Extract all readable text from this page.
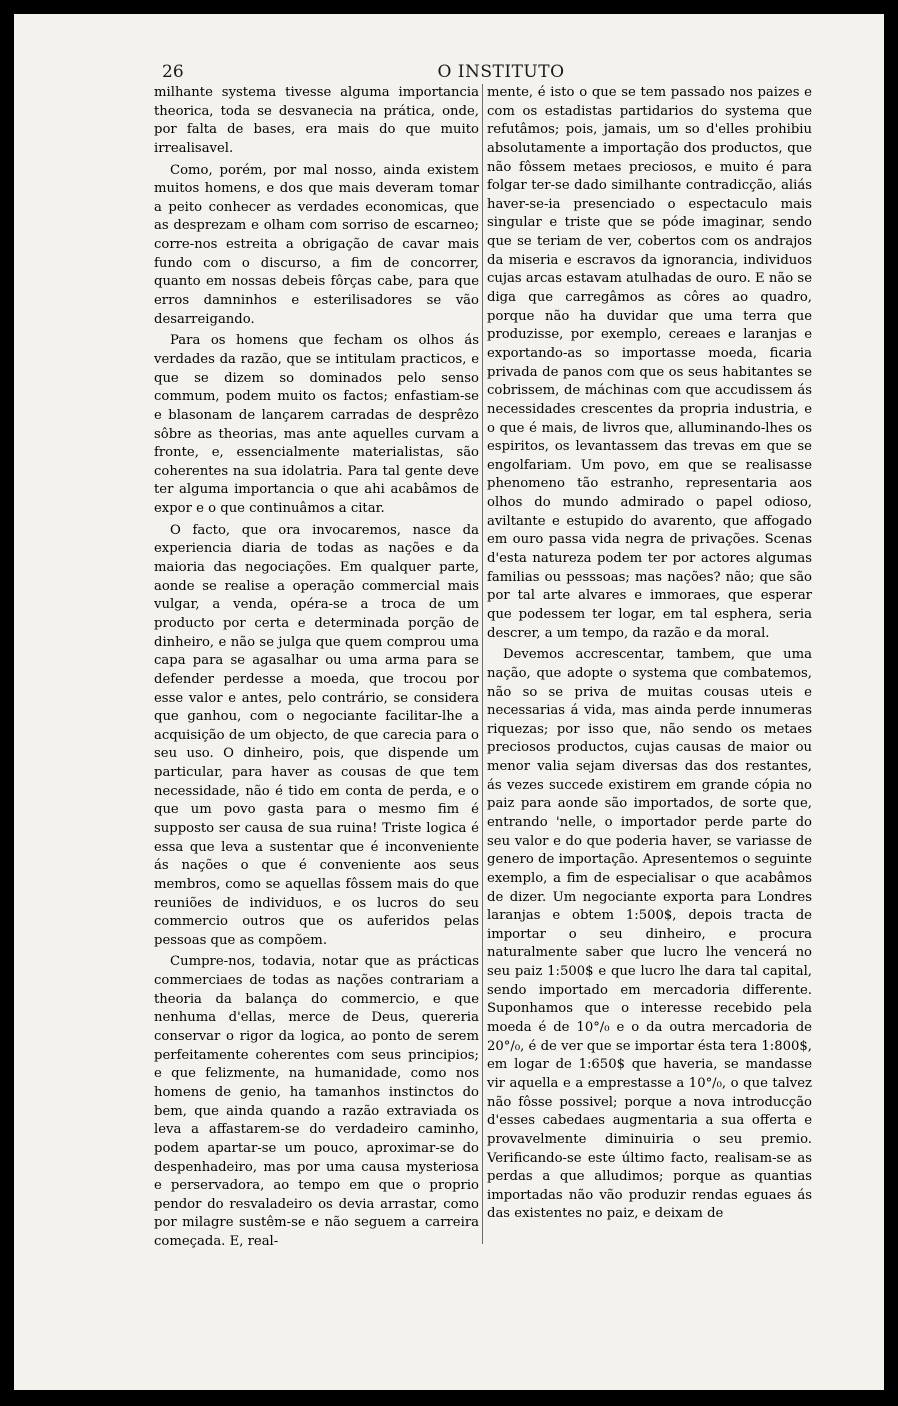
26	O INSTITUTO

milhante systema tivesse alguma importancia theorica, toda se desvanecia na prática, onde, por falta de bases, era mais do que muito irrealisavel.

Como, porém, por mal nosso, ainda existem muitos homens, e dos que mais deveram tomar a peito conhecer as verdades economicas, que as desprezam e olham com sorriso de escarneo; corre-nos estreita a obrigação de cavar mais fundo com o discurso, a fim de concorrer, quanto em nossas debeis fôrças cabe, para que erros damninhos e esterilisadores se vão desarreigando.

Para os homens que fecham os olhos ás verdades da razão, que se intitulam practicos, e que se dizem so dominados pelo senso commum, podem muito os factos; enfastiam-se e blasonam de lançarem carradas de desprêzo sôbre as theorias, mas ante aquelles curvam a fronte, e, essencialmente materialistas, são coherentes na sua idolatria. Para tal gente deve ter alguma importancia o que ahi acabâmos de expor e o que continuâmos a citar.

O facto, que ora invocaremos, nasce da experiencia diaria de todas as nações e da maioria das negociações. Em qualquer parte, aonde se realise a operação commercial mais vulgar, a venda, opéra-se a troca de um producto por certa e determinada porção de dinheiro, e não se julga que quem comprou uma capa para se agasalhar ou uma arma para se defender perdesse a moeda, que trocou por esse valor e antes, pelo contrário, se considera que ganhou, com o negociante facilitar-lhe a acquisição de um objecto, de que carecia para o seu uso. O dinheiro, pois, que dispende um particular, para haver as cousas de que tem necessidade, não é tido em conta de perda, e o que um povo gasta para o mesmo fim é supposto ser causa de sua ruina! Triste logica é essa que leva a sustentar que é inconveniente ás nações o que é conveniente aos seus membros, como se aquellas fôssem mais do que reuniões de individuos, e os lucros do seu commercio outros que os auferidos pelas pessoas que as compõem.

Cumpre-nos, todavia, notar que as prácticas commerciaes de todas as nações contrariam a theoria da balança do commercio, e que nenhuma d'ellas, merce de Deus, quereria conservar o rigor da logica, ao ponto de serem perfeitamente coherentes com seus principios; e que felizmente, na humanidade, como nos homens de genio, ha tamanhos instinctos do bem, que ainda quando a razão extraviada os leva a affastarem-se do verdadeiro caminho, podem apartar-se um pouco, aproximar-se do despenhadeiro, mas por uma causa mysteriosa e perservadora, ao tempo em que o proprio pendor do resvaladeiro os devia arrastar, como por milagre sustêm-se e não seguem a carreira começada. E, real-

mente, é isto o que se tem passado nos paizes e com os estadistas partidarios do systema que refutâmos; pois, jamais, um so d'elles prohibiu absolutamente a importação dos productos, que não fôssem metaes preciosos, e muito é para folgar ter-se dado similhante contradicção, aliás haver-se-ia presenciado o espectaculo mais singular e triste que se póde imaginar, sendo que se teriam de ver, cobertos com os andrajos da miseria e escravos da ignorancia, individuos cujas arcas estavam atulhadas de ouro. E não se diga que carregâmos as côres ao quadro, porque não ha duvidar que uma terra que produzisse, por exemplo, cereaes e laranjas e exportando-as so importasse moeda, ficaria privada de panos com que os seus habitantes se cobrissem, de máchinas com que accudissem ás necessidades crescentes da propria industria, e o que é mais, de livros que, alluminando-lhes os espiritos, os levantassem das trevas em que se engolfariam. Um povo, em que se realisasse phenomeno tão estranho, representaria aos olhos do mundo admirado o papel odioso, aviltante e estupido do avarento, que affogado em ouro passa vida negra de privações. Scenas d'esta natureza podem ter por actores algumas familias ou pesssoas; mas nações? não; que são por tal arte alvares e immoraes, que esperar que podessem ter logar, em tal esphera, seria descrer, a um tempo, da razão e da moral.

Devemos accrescentar, tambem, que uma nação, que adopte o systema que combatemos, não so se priva de muitas cousas uteis e necessarias á vida, mas ainda perde innumeras riquezas; por isso que, não sendo os metaes preciosos productos, cujas causas de maior ou menor valia sejam diversas das dos restantes, ás vezes succede existirem em grande cópia no paiz para aonde são importados, de sorte que, entrando 'nelle, o importador perde parte do seu valor e do que poderia haver, se variasse de genero de importação. Apresentemos o seguinte exemplo, a fim de especialisar o que acabâmos de dizer. Um negociante exporta para Londres laranjas e obtem 1:500$, depois tracta de importar o seu dinheiro, e procura naturalmente saber que lucro lhe vencerá no seu paiz 1:500$ e que lucro lhe dara tal capital, sendo importado em mercadoria differente. Suponhamos que o interesse recebido pela moeda é de 10°/₀ e o da outra mercadoria de 20°/₀, é de ver que se importar ésta tera 1:800$, em logar de 1:650$ que haveria, se mandasse vir aquella e a emprestasse a 10°/₀, o que talvez não fôsse possivel; porque a nova introducção d'esses cabedaes augmentaria a sua offerta e provavelmente diminuiria o seu premio. Verificando-se este último facto, realisam-se as perdas a que alludimos; porque as quantias importadas não vão produzir rendas eguaes ás das existentes no paiz, e deixam de
